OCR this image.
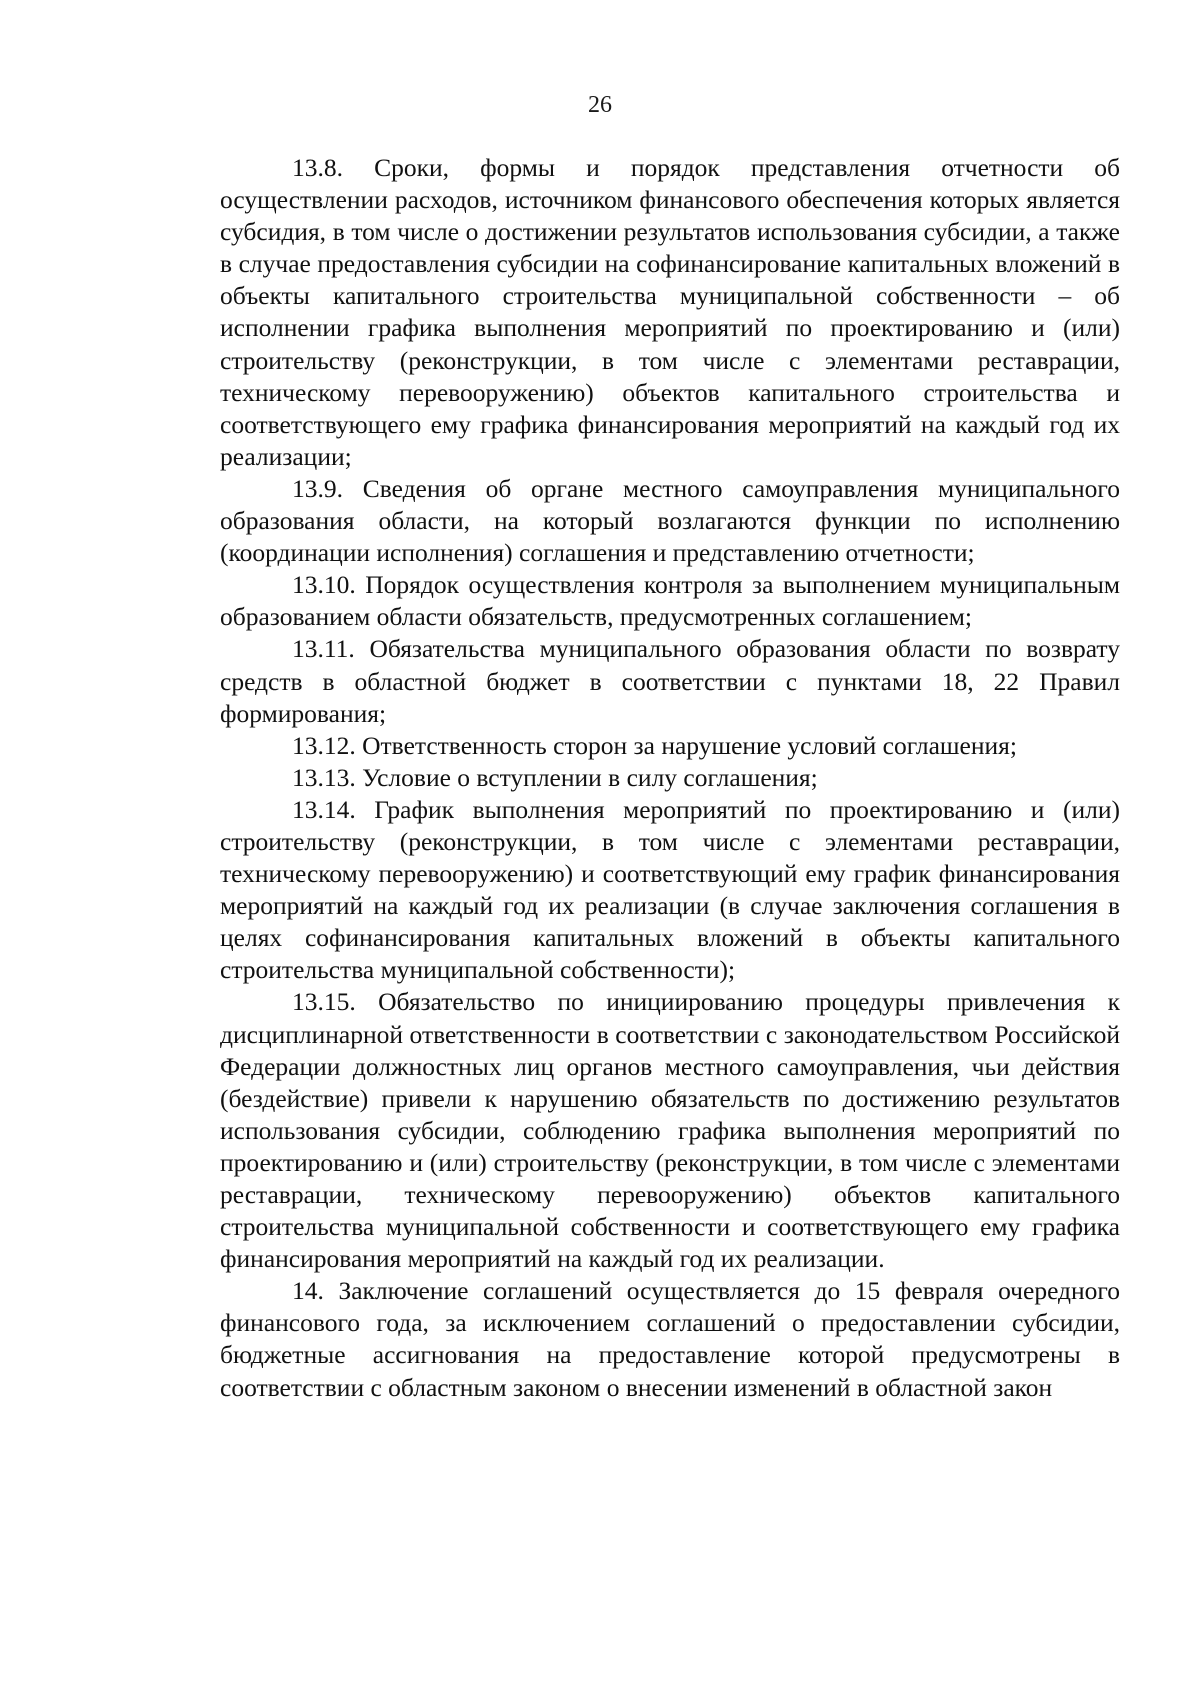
26

13.8. Сроки, формы и порядок представления отчетности об осуществлении расходов, источником финансового обеспечения которых является субсидия, в том числе о достижении результатов использования субсидии, а также в случае предоставления субсидии на софинансирование капитальных вложений в объекты капитального строительства муниципальной собственности – об исполнении графика выполнения мероприятий по проектированию и (или) строительству (реконструкции, в том числе с элементами реставрации, техническому перевооружению) объектов капитального строительства и соответствующего ему графика финансирования мероприятий на каждый год их реализации;

13.9. Сведения об органе местного самоуправления муниципального образования области, на который возлагаются функции по исполнению (координации исполнения) соглашения и представлению отчетности;

13.10. Порядок осуществления контроля за выполнением муниципальным образованием области обязательств, предусмотренных соглашением;

13.11. Обязательства муниципального образования области по возврату средств в областной бюджет в соответствии с пунктами 18, 22 Правил формирования;

13.12. Ответственность сторон за нарушение условий соглашения;

13.13. Условие о вступлении в силу соглашения;

13.14. График выполнения мероприятий по проектированию и (или) строительству (реконструкции, в том числе с элементами реставрации, техническому перевооружению) и соответствующий ему график финансирования мероприятий на каждый год их реализации (в случае заключения соглашения в целях софинансирования капитальных вложений в объекты капитального строительства муниципальной собственности);

13.15. Обязательство по инициированию процедуры привлечения к дисциплинарной ответственности в соответствии с законодательством Российской Федерации должностных лиц органов местного самоуправления, чьи действия (бездействие) привели к нарушению обязательств по достижению результатов использования субсидии, соблюдению графика выполнения мероприятий по проектированию и (или) строительству (реконструкции, в том числе с элементами реставрации, техническому перевооружению) объектов капитального строительства муниципальной собственности и соответствующего ему графика финансирования мероприятий на каждый год их реализации.

14. Заключение соглашений осуществляется до 15 февраля очередного финансового года, за исключением соглашений о предоставлении субсидии, бюджетные ассигнования на предоставление которой предусмотрены в соответствии с областным законом о внесении изменений в областной закон
